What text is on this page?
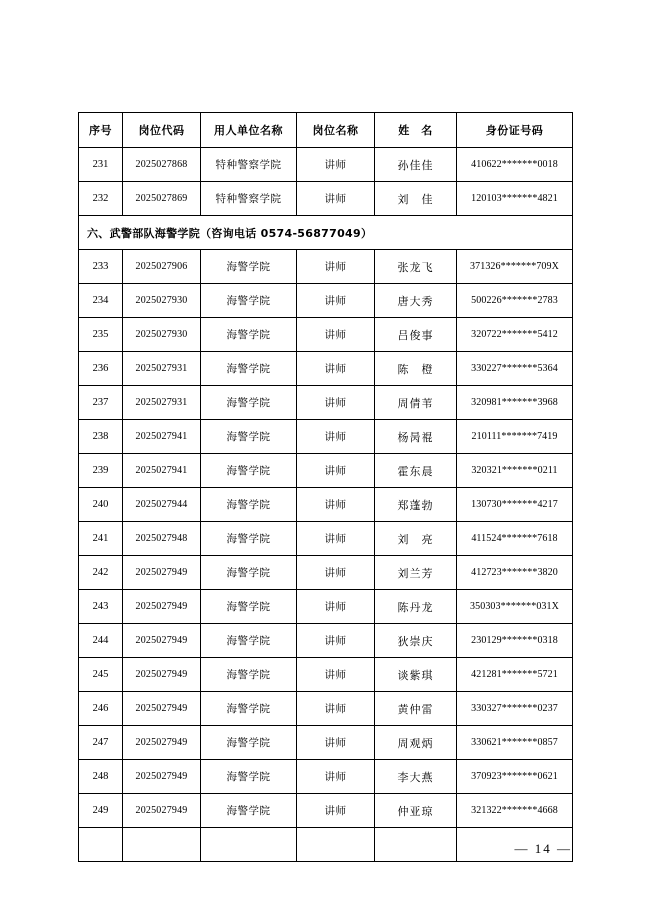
序号	岗位代码	用人单位名称	岗位名称	姓　名	身份证号码
231	2025027868	特种警察学院	讲师	孙佳佳	410622*******0018
232	2025027869	特种警察学院	讲师	刘　佳	120103*******4821
六、武警部队海警学院（咨询电话 0574-56877049）					
233	2025027906	海警学院	讲师	张龙飞	371326*******709X
234	2025027930	海警学院	讲师	唐大秀	500226*******2783
235	2025027930	海警学院	讲师	吕俊事	320722*******5412
236	2025027931	海警学院	讲师	陈　橙	330227*******5364
237	2025027931	海警学院	讲师	周倩苇	320981*******3968
238	2025027941	海警学院	讲师	杨昺裩	210111*******7419
239	2025027941	海警学院	讲师	霍东晨	320321*******0211
240	2025027944	海警学院	讲师	郑蓬勃	130730*******4217
241	2025027948	海警学院	讲师	刘　亮	411524*******7618
242	2025027949	海警学院	讲师	刘兰芳	412723*******3820
243	2025027949	海警学院	讲师	陈丹龙	350303*******031X
244	2025027949	海警学院	讲师	狄崇庆	230129*******0318
245	2025027949	海警学院	讲师	谈紫琪	421281*******5721
246	2025027949	海警学院	讲师	黄仲雷	330327*******0237
247	2025027949	海警学院	讲师	周观炳	330621*******0857
248	2025027949	海警学院	讲师	李大燕	370923*******0621
249	2025027949	海警学院	讲师	仲亚琼	321322*******4668

— 14 —
